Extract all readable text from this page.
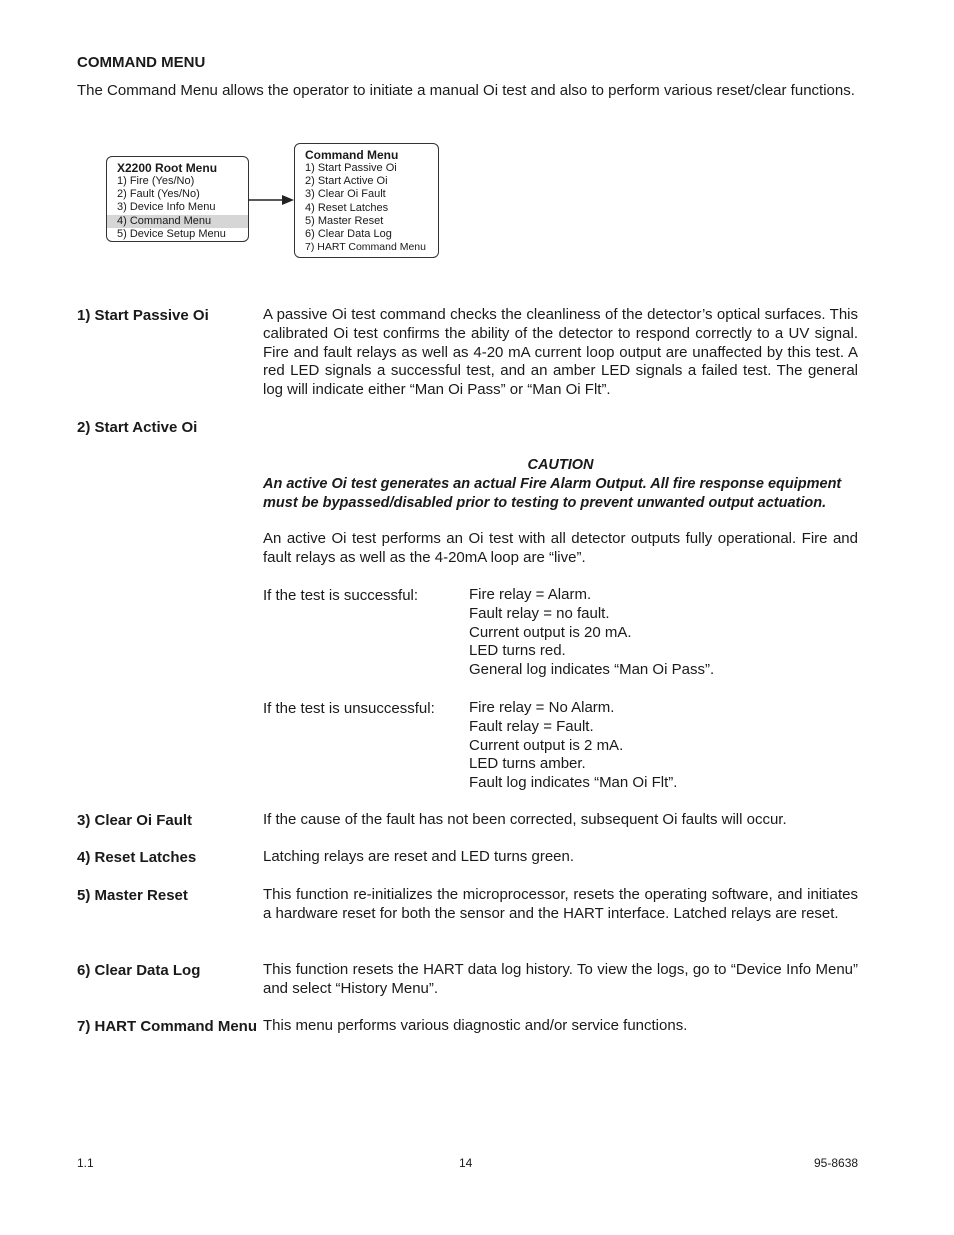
COMMAND MENU
The Command Menu allows the operator to initiate a manual Oi test and also to perform various reset/clear functions.
X2200 Root Menu
1) Fire (Yes/No)
2) Fault (Yes/No)
3) Device Info Menu
4) Command Menu
5) Device Setup Menu
Command Menu
1) Start Passive Oi
2) Start Active Oi
3) Clear Oi Fault
4) Reset Latches
5) Master Reset
6) Clear Data Log
7) HART Command Menu
1) Start Passive Oi	A passive Oi test command checks the cleanliness of the detector’s optical surfaces. This calibrated Oi test confirms the ability of the detector to respond correctly to a UV signal. Fire and fault relays as well as 4-20 mA current loop output are unaffected by this test. A red LED signals a successful test, and an amber LED signals a failed test. The general log will indicate either “Man Oi Pass” or “Man Oi Flt”.
2) Start Active Oi
CAUTION
An active Oi test generates an actual Fire Alarm Output. All fire response equipment must be bypassed/disabled prior to testing to prevent unwanted output actuation.
An active Oi test performs an Oi test with all detector outputs fully operational. Fire and fault relays as well as the 4-20mA loop are “live”.
If the test is successful:	Fire relay = Alarm.
Fault relay = no fault.
Current output is 20 mA.
LED turns red.
General log indicates “Man Oi Pass”.
If the test is unsuccessful: Fire relay = No Alarm.
Fault relay = Fault.
Current output is 2 mA.
LED turns amber.
Fault log indicates “Man Oi Flt”.
3) Clear Oi Fault	If the cause of the fault has not been corrected, subsequent Oi faults will occur.
4) Reset Latches	Latching relays are reset and LED turns green.
5) Master Reset	This function re-initializes the microprocessor, resets the operating software, and initiates a hardware reset for both the sensor and the HART interface. Latched relays are reset.
6) Clear Data Log	This function resets the HART data log history. To view the logs, go to “Device Info Menu” and select “History Menu”.
7) HART Command Menu This menu performs various diagnostic and/or service functions.
1.1	14	95-8638
